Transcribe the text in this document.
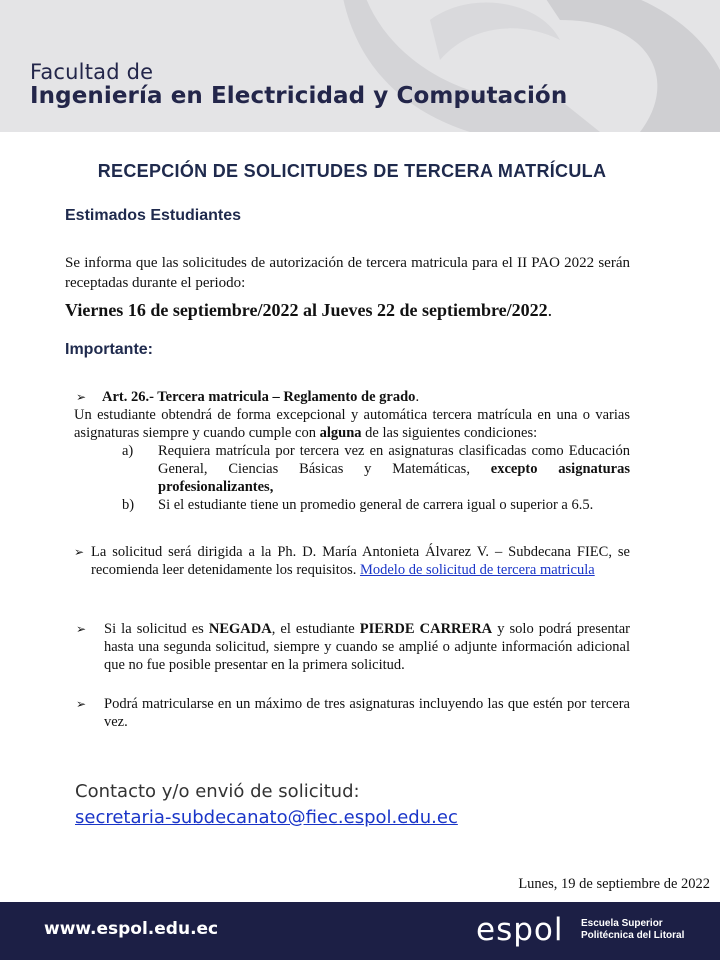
Facultad de
Ingeniería en Electricidad y Computación
RECEPCIÓN DE SOLICITUDES DE TERCERA MATRÍCULA
Estimados Estudiantes
Se informa que las solicitudes de autorización de tercera matricula para el II PAO 2022 serán receptadas durante el periodo:
Viernes 16 de septiembre/2022 al Jueves 22 de septiembre/2022.
Importante:
➢ Art. 26.- Tercera matricula – Reglamento de grado.
Un estudiante obtendrá de forma excepcional y automática tercera matrícula en una o varias asignaturas siempre y cuando cumple con alguna de las siguientes condiciones:
a) Requiera matrícula por tercera vez en asignaturas clasificadas como Educación General, Ciencias Básicas y Matemáticas, excepto asignaturas profesionalizantes,
b) Si el estudiante tiene un promedio general de carrera igual o superior a 6.5.
➢ La solicitud será dirigida a la Ph. D. María Antonieta Álvarez V. – Subdecana FIEC, se recomienda leer detenidamente los requisitos. Modelo de solicitud de tercera matricula
➢ Si la solicitud es NEGADA, el estudiante PIERDE CARRERA y solo podrá presentar hasta una segunda solicitud, siempre y cuando se amplié o adjunte información adicional que no fue posible presentar en la primera solicitud.
➢ Podrá matricularse en un máximo de tres asignaturas incluyendo las que estén por tercera vez.
Contacto y/o envió de solicitud:
secretaria-subdecanato@fiec.espol.edu.ec
Lunes, 19 de septiembre de 2022
www.espol.edu.ec	espol Escuela Superior
Politécnica del Litoral
